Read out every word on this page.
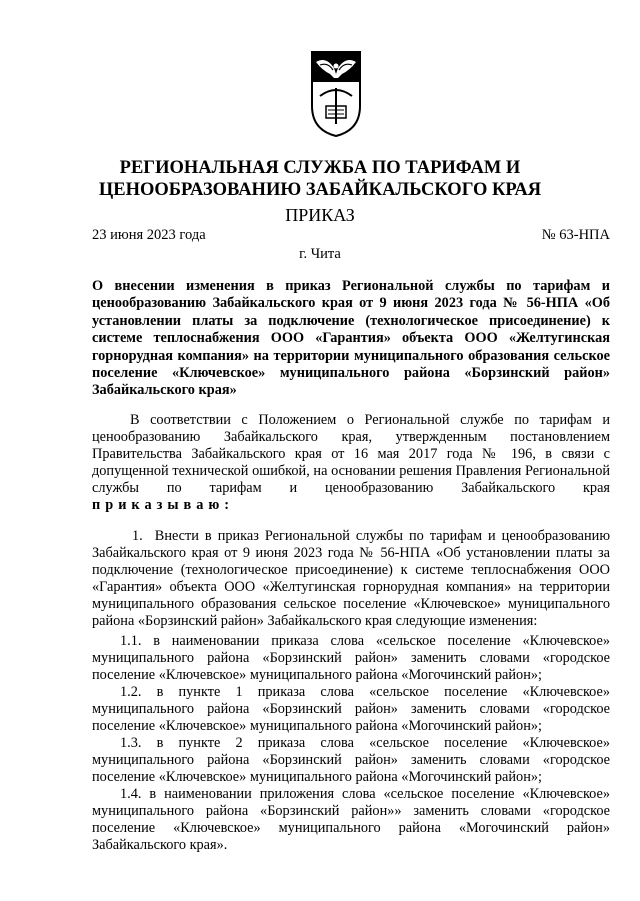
РЕГИОНАЛЬНАЯ СЛУЖБА ПО ТАРИФАМ И
ЦЕНООБРАЗОВАНИЮ ЗАБАЙКАЛЬСКОГО КРАЯ
ПРИКАЗ
23 июня 2023 года	№ 63-НПА
г. Чита
О внесении изменения в приказ Региональной службы по тарифам и ценообразованию Забайкальского края от 9 июня 2023 года № 56-НПА «Об установлении платы за подключение (технологическое присоединение) к системе теплоснабжения ООО «Гарантия» объекта ООО «Желтугинская горнорудная компания» на территории муниципального образования сельское поселение «Ключевское» муниципального района «Борзинский район» Забайкальского края»
В соответствии с Положением о Региональной службе по тарифам и ценообразованию Забайкальского края, утвержденным постановлением Правительства Забайкальского края от 16 мая 2017 года № 196, в связи с допущенной технической ошибкой, на основании решения Правления Региональной службы по тарифам и ценообразованию Забайкальского края приказываю:

1. Внести в приказ Региональной службы по тарифам и ценообразованию Забайкальского края от 9 июня 2023 года № 56-НПА «Об установлении платы за подключение (технологическое присоединение) к системе теплоснабжения ООО «Гарантия» объекта ООО «Желтугинская горнорудная компания» на территории муниципального образования сельское поселение «Ключевское» муниципального района «Борзинский район» Забайкальского края следующие изменения:

1.1. в наименовании приказа слова «сельское поселение «Ключевское» муниципального района «Борзинский район» заменить словами «городское поселение «Ключевское» муниципального района «Могочинский район»;

1.2. в пункте 1 приказа слова «сельское поселение «Ключевское» муниципального района «Борзинский район» заменить словами «городское поселение «Ключевское» муниципального района «Могочинский район»;

1.3. в пункте 2 приказа слова «сельское поселение «Ключевское» муниципального района «Борзинский район» заменить словами «городское поселение «Ключевское» муниципального района «Могочинский район»;

1.4. в наименовании приложения слова «сельское поселение «Ключевское» муниципального района «Борзинский район»» заменить словами «городское поселение «Ключевское» муниципального района «Могочинский район» Забайкальского края».
